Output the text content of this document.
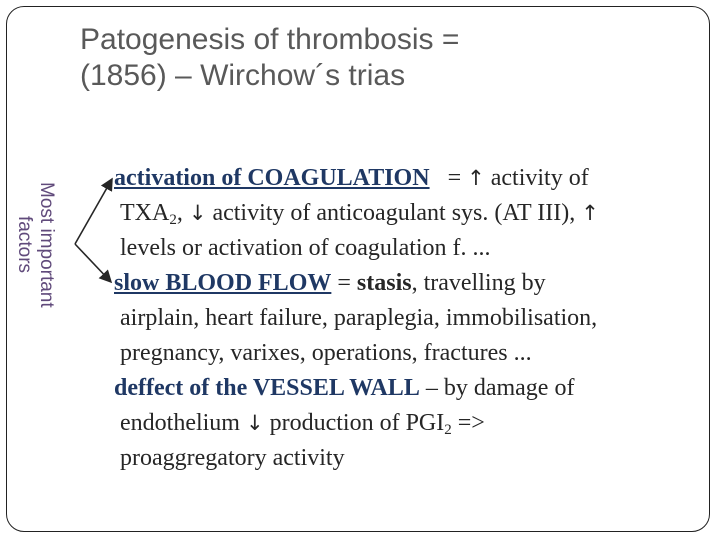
Patogenesis of thrombosis =
(1856) – Wirchow´s trias
Most important
factors
activation of COAGULATION = ↑ activity of
$TXA_2$, ↓ activity of anticoagulant sys. (AT III), ↑
levels or activation of coagulation f. ...
slow BLOOD FLOW = stasis, travelling by
airplain, heart failure, paraplegia, immobilisation,
pregnancy, varixes, operations, fractures ...
deffect of the VESSEL WALL – by damage of
endothelium ↓ production of $PGI_2$ =>
proaggregatory activity
